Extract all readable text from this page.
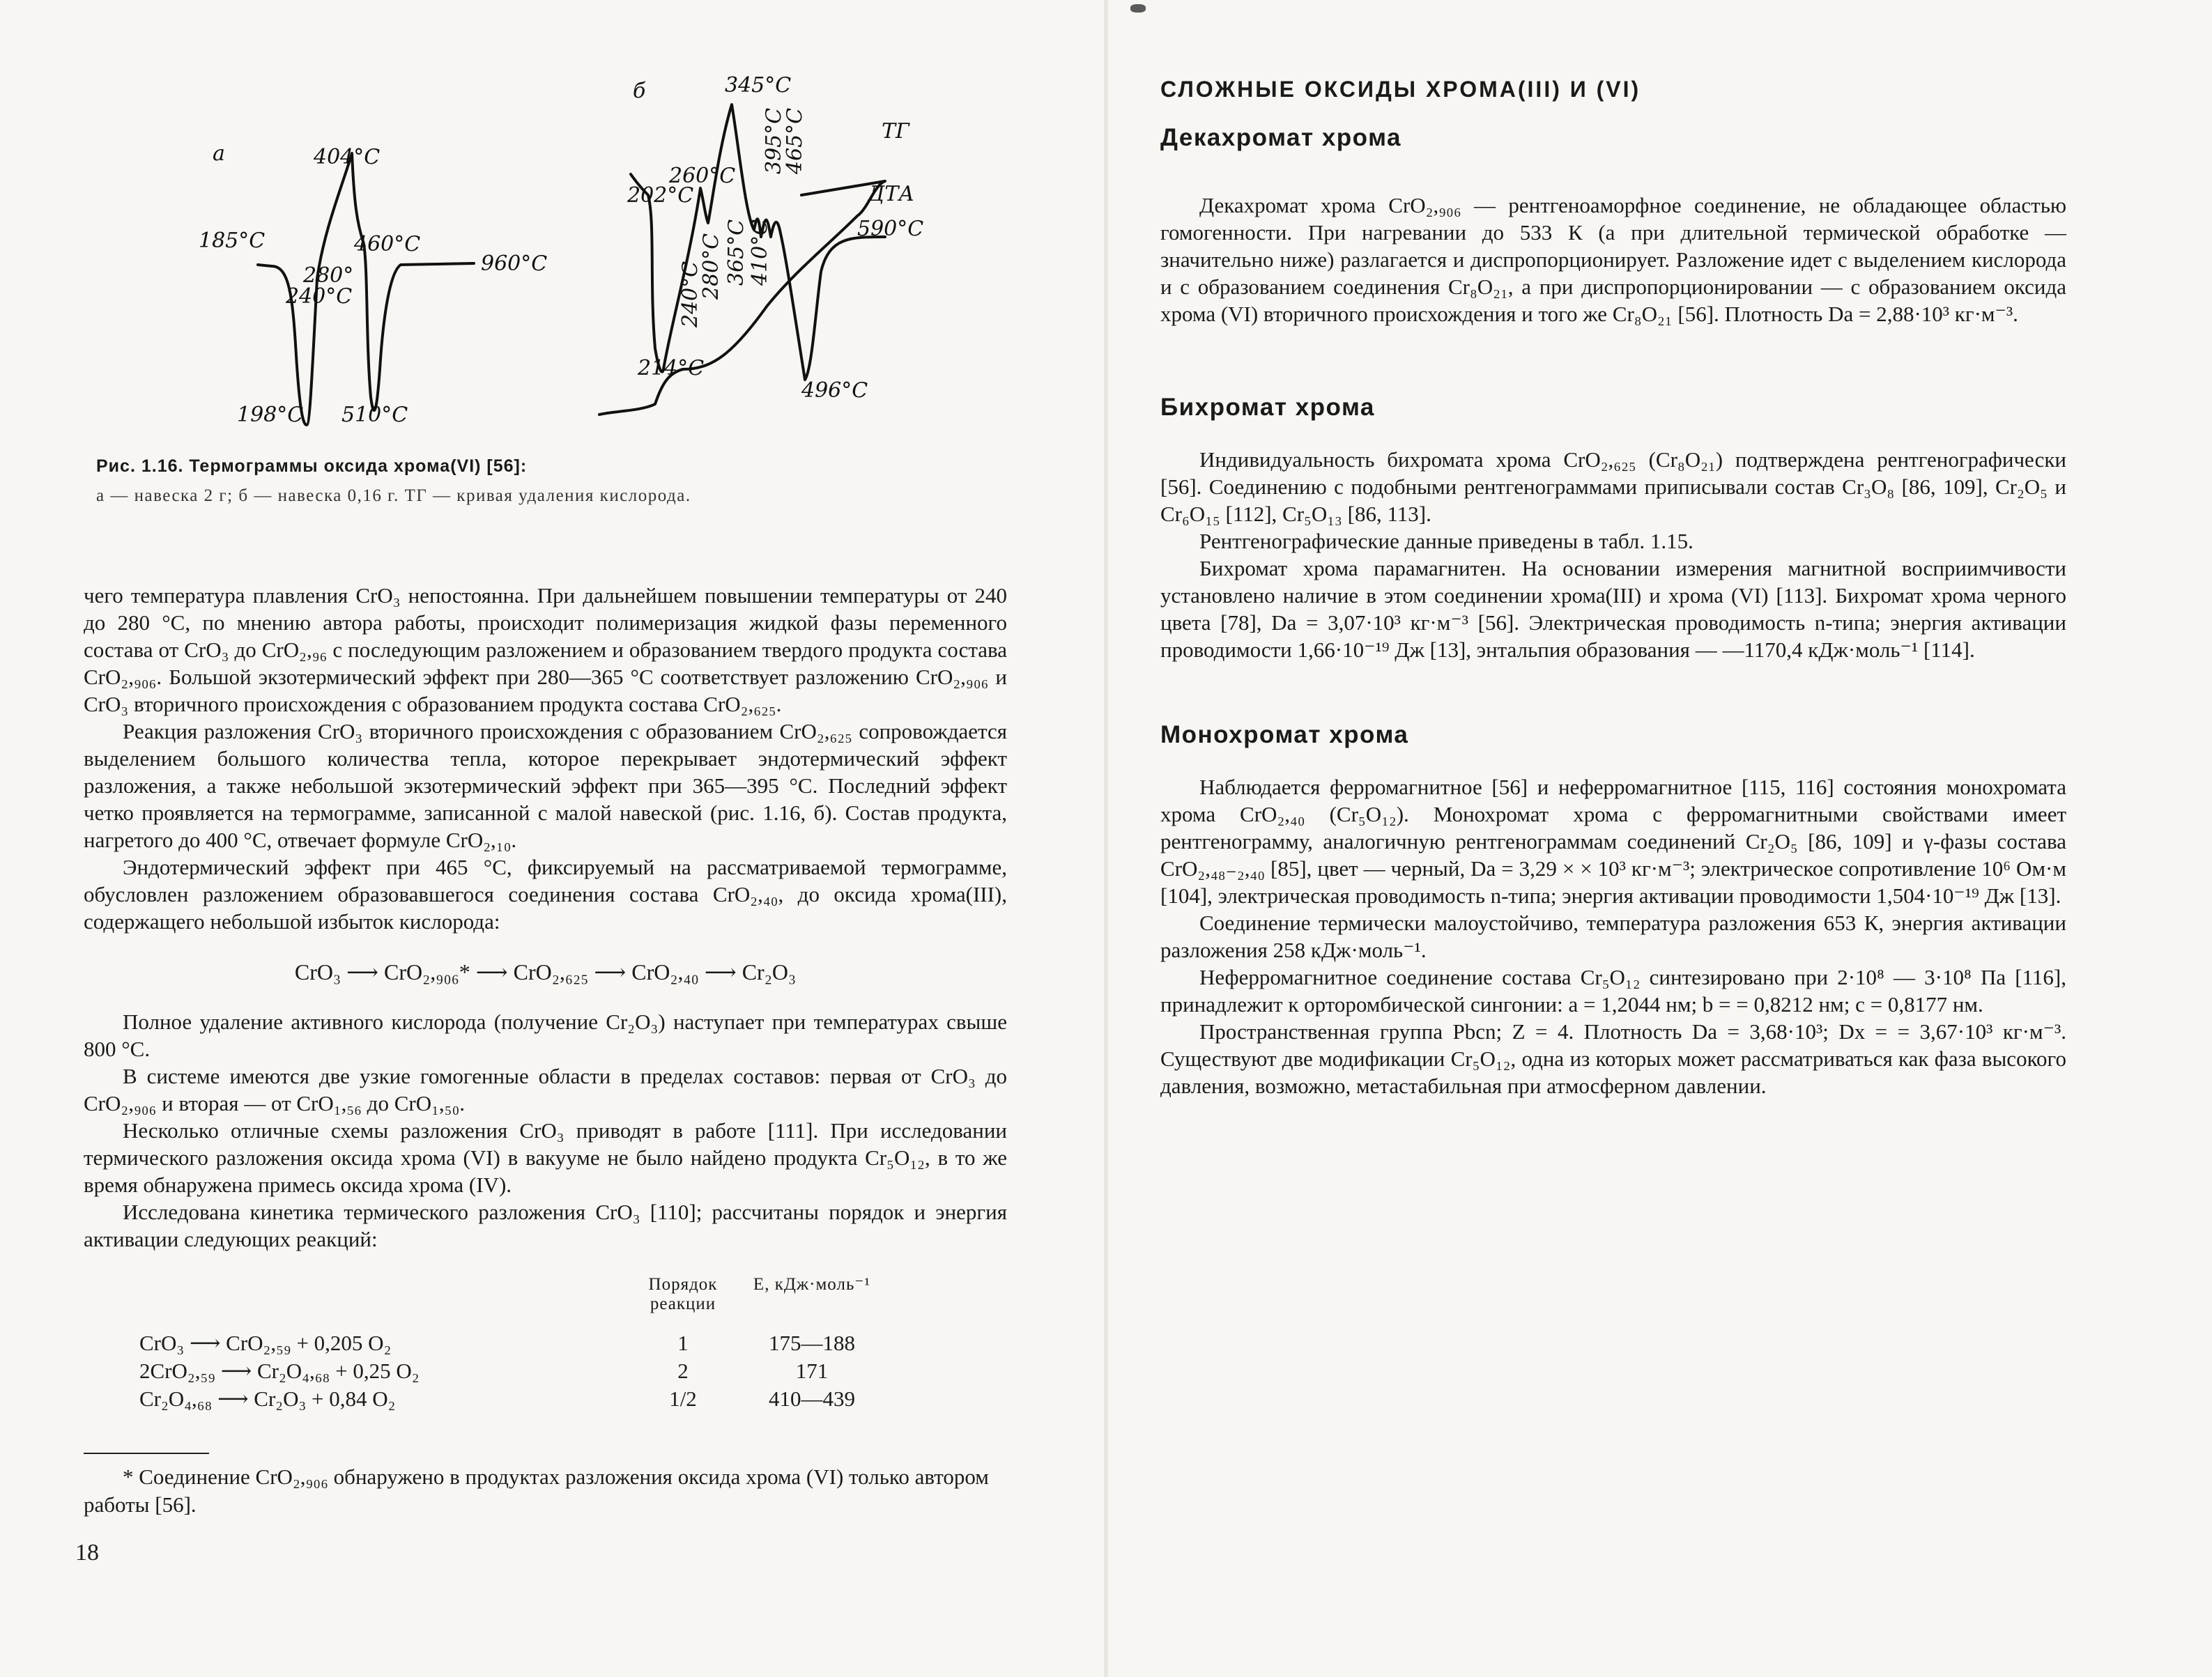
а
б
404°С
185°С	460°С
960°С
280°
240°С
198°С 510°С
345°С
202°С
260°С
395°С
465°С
240°С
280°С 365°С 410°С
214°С
590°С
496°С
ТГ
ДТА
Рис. 1.16. Термограммы оксида хрома(VI) [56]:
а — навеска 2 г; б — навеска 0,16 г. ТГ — кривая удаления кислорода.

чего температура плавления CrO₃ непостоянна. При дальнейшем повышении температуры от 240 до 280 °С, по мнению автора работы, происходит полимеризация жидкой фазы переменного состава от CrO₃ до CrO₂,₉₆ с последующим разложением и образованием твердого продукта состава CrO₂,₉₀₆. Большой экзотермический эффект при 280—365 °С соответствует разложению CrO₂,₉₀₆ и CrO₃ вторичного происхождения с образованием продукта состава CrO₂,₆₂₅.

Реакция разложения CrO₃ вторичного происхождения с образованием CrO₂,₆₂₅ сопровождается выделением большого количества тепла, которое перекрывает эндотермический эффект разложения, а также небольшой экзотермический эффект при 365—395 °С. Последний эффект четко проявляется на термограмме, записанной с малой навеской (рис. 1.16, б). Состав продукта, нагретого до 400 °С, отвечает формуле CrO₂,₁₀.

Эндотермический эффект при 465 °С, фиксируемый на рассматриваемой термограмме, обусловлен разложением образовавшегося соединения состава CrO₂,₄₀, до оксида хрома(III), содержащего небольшой избыток кислорода:

CrO₃ ⟶ CrO₂,₉₀₆* ⟶ CrO₂,₆₂₅ ⟶ CrO₂,₄₀ ⟶ Cr₂O₃

Полное удаление активного кислорода (получение Cr₂O₃) наступает при температурах свыше 800 °С.

В системе имеются две узкие гомогенные области в пределах составов: первая от CrO₃ до CrO₂,₉₀₆ и вторая — от CrO₁,₅₆ до CrO₁,₅₀.

Несколько отличные схемы разложения CrO₃ приводят в работе [111]. При исследовании термического разложения оксида хрома (VI) в вакууме не было найдено продукта Cr₅O₁₂, в то же время обнаружена примесь оксида хрома (IV).

Исследована кинетика термического разложения CrO₃ [110]; рассчитаны порядок и энергия активации следующих реакций:

	Порядок реакции	E, кДж·моль⁻¹

CrO₃ ⟶ CrO₂,₅₉ + 0,205 O₂	1	175—188
2CrO₂,₅₉ ⟶ Cr₂O₄,₆₈ + 0,25 O₂	2	171
Cr₂O₄,₆₈ ⟶ Cr₂O₃ + 0,84 O₂	1/2	410—439

* Соединение CrO₂,₉₀₆ обнаружено в продуктах разложения оксида хрома (VI) только автором работы [56].

18
СЛОЖНЫЕ ОКСИДЫ ХРОМА(III) И (VI)
Декахромат хрома

Декахромат хрома CrO₂,₉₀₆ — рентгеноаморфное соединение, не обладающее областью гомогенности. При нагревании до 533 К (а при длительной термической обработке — значительно ниже) разлагается и диспропорционирует. Разложение идет с выделением кислорода и с образованием соединения Cr₈O₂₁, а при диспропорционировании — с образованием оксида хрома (VI) вторичного происхождения и того же Cr₈O₂₁ [56]. Плотность Da = 2,88·10³ кг·м⁻³.

Бихромат хрома

Индивидуальность бихромата хрома CrO₂,₆₂₅ (Cr₈O₂₁) подтверждена рентгенографически [56]. Соединению с подобными рентгенограммами приписывали состав Cr₃O₈ [86, 109], Cr₂O₅ и Cr₆O₁₅ [112], Cr₅O₁₃ [86, 113].

Рентгенографические данные приведены в табл. 1.15.

Бихромат хрома парамагнитен. На основании измерения магнитной восприимчивости установлено наличие в этом соединении хрома(III) и хрома (VI) [113]. Бихромат хрома черного цвета [78], Da = 3,07·10³ кг·м⁻³ [56]. Электрическая проводимость n-типа; энергия активации проводимости 1,66·10⁻¹⁹ Дж [13], энтальпия образования — —1170,4 кДж·моль⁻¹ [114].

Монохромат хрома

Наблюдается ферромагнитное [56] и неферромагнитное [115, 116] состояния монохромата хрома CrO₂,₄₀ (Cr₅O₁₂). Монохромат хрома с ферромагнитными свойствами имеет рентгенограмму, аналогичную рентгенограммам соединений Cr₂O₅ [86, 109] и γ-фазы состава CrO₂,₄₈₋₂,₄₀ [85], цвет — черный, Da = 3,29 × × 10³ кг·м⁻³; электрическое сопротивление 10⁶ Ом·м [104], электрическая проводимость n-типа; энергия активации проводимости 1,504·10⁻¹⁹ Дж [13].

Соединение термически малоустойчиво, температура разложения 653 К, энергия активации разложения 258 кДж·моль⁻¹.

Неферромагнитное соединение состава Cr₅O₁₂ синтезировано при 2·10⁸ — 3·10⁸ Па [116], принадлежит к орторомбической сингонии: a = 1,2044 нм; b = = 0,8212 нм; c = 0,8177 нм.

Пространственная группа Pbcn; Z = 4. Плотность Da = 3,68·10³; Dx = = 3,67·10³ кг·м⁻³. Существуют две модификации Cr₅O₁₂, одна из которых может рассматриваться как фаза высокого давления, возможно, метастабильная при атмосферном давлении.
